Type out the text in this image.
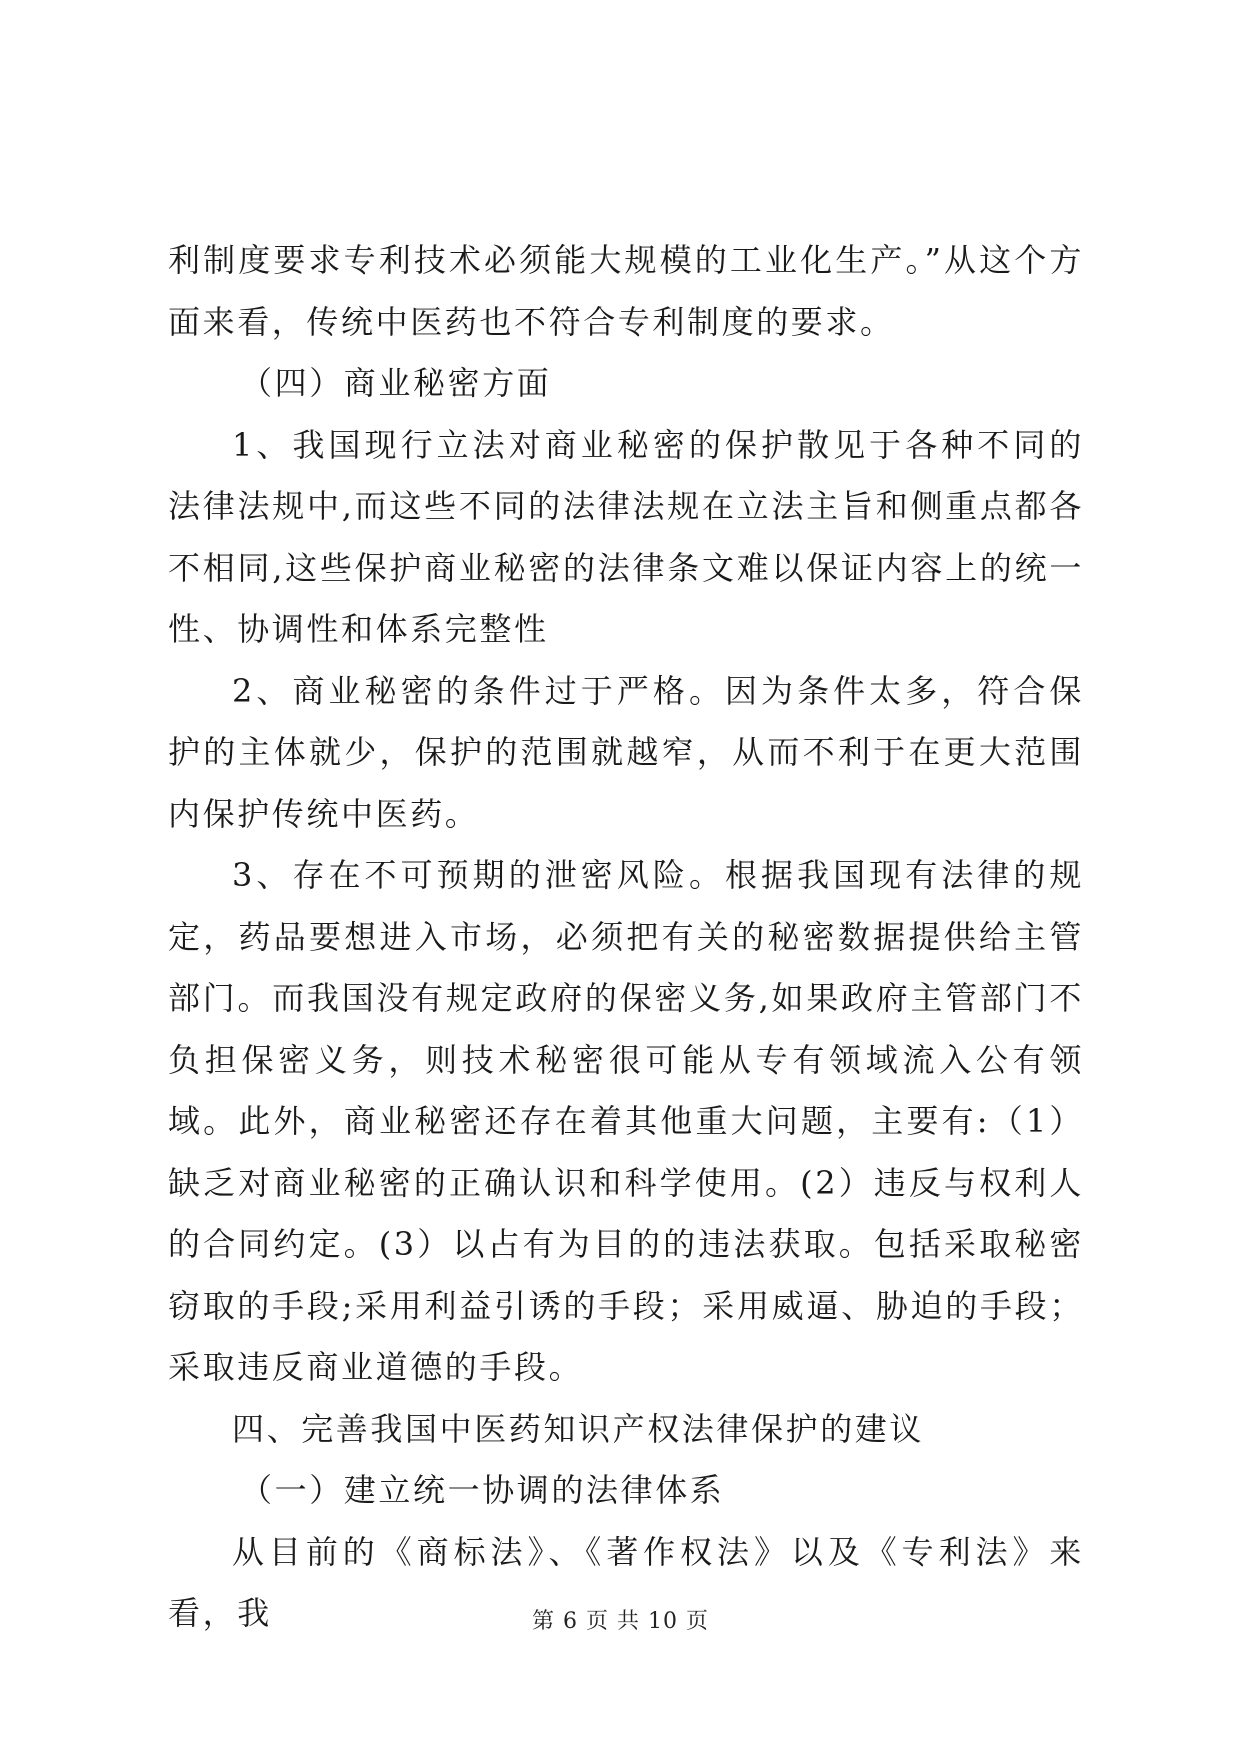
利制度要求专利技术必须能大规模的工业化生产。”从这个方面来看，传统中医药也不符合专利制度的要求。

（四）商业秘密方面

1、我国现行立法对商业秘密的保护散见于各种不同的法律法规中,而这些不同的法律法规在立法主旨和侧重点都各不相同,这些保护商业秘密的法律条文难以保证内容上的统一性、协调性和体系完整性

2、商业秘密的条件过于严格。因为条件太多，符合保护的主体就少，保护的范围就越窄，从而不利于在更大范围内保护传统中医药。

3、存在不可预期的泄密风险。根据我国现有法律的规定，药品要想进入市场，必须把有关的秘密数据提供给主管部门。而我国没有规定政府的保密义务,如果政府主管部门不负担保密义务，则技术秘密很可能从专有领域流入公有领域。此外，商业秘密还存在着其他重大问题，主要有:（1）缺乏对商业秘密的正确认识和科学使用。(2）违反与权利人的合同约定。(3）以占有为目的的违法获取。包括采取秘密窃取的手段;采用利益引诱的手段；采用威逼、胁迫的手段；采取违反商业道德的手段。

四、完善我国中医药知识产权法律保护的建议

（一）建立统一协调的法律体系

从目前的《商标法》、《著作权法》以及《专利法》来看，我	第 6 页 共 10 页
